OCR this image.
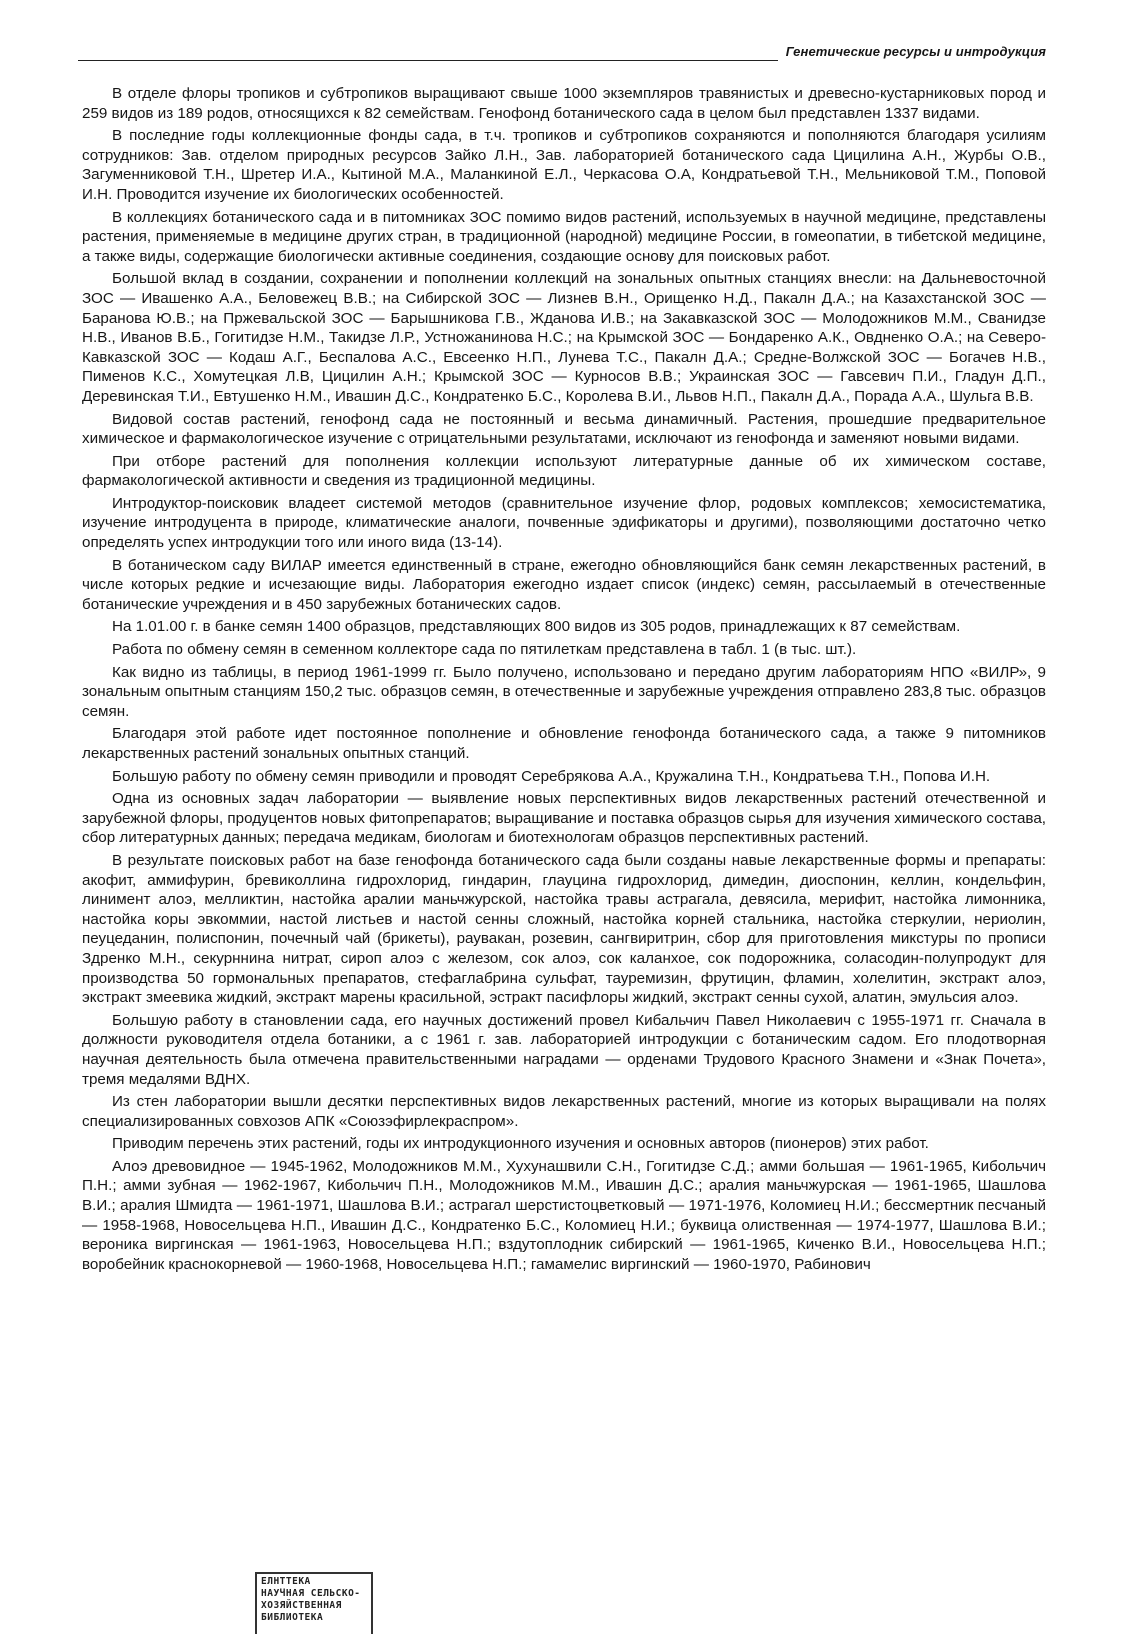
Генетические ресурсы и интродукция

В отделе флоры тропиков и субтропиков выращивают свыше 1000 экземпляров травянистых и древесно-кустарниковых пород и 259 видов из 189 родов, относящихся к 82 семействам. Генофонд ботанического сада в целом был представлен 1337 видами.

В последние годы коллекционные фонды сада, в т.ч. тропиков и субтропиков сохраняются и пополняются благодаря усилиям сотрудников: Зав. отделом природных ресурсов Зайко Л.Н., Зав. лабораторией ботанического сада Цицилина А.Н., Журбы О.В., Загуменниковой Т.Н., Шретер И.А., Кытиной М.А., Маланкиной Е.Л., Черкасова О.А, Кондратьевой Т.Н., Мельниковой Т.М., Поповой И.Н. Проводится изучение их биологических особенностей.

В коллекциях ботанического сада и в питомниках ЗОС помимо видов растений, используемых в научной медицине, представлены растения, применяемые в медицине других стран, в традиционной (народной) медицине России, в гомеопатии, в тибетской медицине, а также виды, содержащие биологически активные соединения, создающие основу для поисковых работ.

Большой вклад в создании, сохранении и пополнении коллекций на зональных опытных станциях внесли: на Дальневосточной ЗОС — Ивашенко А.А., Беловежец В.В.; на Сибирской ЗОС — Лизнев В.Н., Орищенко Н.Д., Пакалн Д.А.; на Казахстанской ЗОС — Баранова Ю.В.; на Пржевальской ЗОС — Барышникова Г.В., Жданова И.В.; на Закавказской ЗОС — Молодожников М.М., Сванидзе Н.В., Иванов В.Б., Гогитидзе Н.М., Такидзе Л.Р., Устножанинова Н.С.; на Крымской ЗОС — Бондаренко А.К., Овдненко О.А.; на Северо-Кавказской ЗОС — Кодаш А.Г., Беспалова А.С., Евсеенко Н.П., Лунева Т.С., Пакалн Д.А.; Средне-Волжской ЗОС — Богачев Н.В., Пименов К.С., Хомутецкая Л.В, Цицилин А.Н.; Крымской ЗОС — Курносов В.В.; Украинская ЗОС — Гавсевич П.И., Гладун Д.П., Деревинская Т.И., Евтушенко Н.М., Ивашин Д.С., Кондратенко Б.С., Королева В.И., Львов Н.П., Пакалн Д.А., Порада А.А., Шульга В.В.

Видовой состав растений, генофонд сада не постоянный и весьма динамичный. Растения, прошедшие предварительное химическое и фармакологическое изучение с отрицательными результатами, исключают из генофонда и заменяют новыми видами.

При отборе растений для пополнения коллекции используют литературные данные об их химическом составе, фармакологической активности и сведения из традиционной медицины.

Интродуктор-поисковик владеет системой методов (сравнительное изучение флор, родовых комплексов; хемосистематика, изучение интродуцента в природе, климатические аналоги, почвенные эдификаторы и другими), позволяющими достаточно четко определять успех интродукции того или иного вида (13-14).

В ботаническом саду ВИЛАР имеется единственный в стране, ежегодно обновляющийся банк семян лекарственных растений, в числе которых редкие и исчезающие виды. Лаборатория ежегодно издает список (индекс) семян, рассылаемый в отечественные ботанические учреждения и в 450 зарубежных ботанических садов.

На 1.01.00 г. в банке семян 1400 образцов, представляющих 800 видов из 305 родов, принадлежащих к 87 семействам.

Работа по обмену семян в семенном коллекторе сада по пятилеткам представлена в табл. 1 (в тыс. шт.).

Как видно из таблицы, в период 1961-1999 гг. Было получено, использовано и передано другим лабораториям НПО «ВИЛР», 9 зональным опытным станциям 150,2 тыс. образцов семян, в отечественные и зарубежные учреждения отправлено 283,8 тыс. образцов семян.

Благодаря этой работе идет постоянное пополнение и обновление генофонда ботанического сада, а также 9 питомников лекарственных растений зональных опытных станций.

Большую работу по обмену семян приводили и проводят Серебрякова А.А., Кружалина Т.Н., Кондратьева Т.Н., Попова И.Н.

Одна из основных задач лаборатории — выявление новых перспективных видов лекарственных растений отечественной и зарубежной флоры, продуцентов новых фитопрепаратов; выращивание и поставка образцов сырья для изучения химического состава, сбор литературных данных; передача медикам, биологам и биотехнологам образцов перспективных растений.

В результате поисковых работ на базе генофонда ботанического сада были созданы навые лекарственные формы и препараты: акофит, аммифурин, бревиколлина гидрохлорид, гиндарин, глауцина гидрохлорид, димедин, диоспонин, келлин, кондельфин, линимент алоэ, мелликтин, настойка аралии маньчжурской, настойка травы астрагала, девясила, мерифит, настойка лимонника, настойка коры эвкоммии, настой листьев и настой сенны сложный, настойка корней стальника, настойка стеркулии, нериолин, пеуцеданин, полиспонин, почечный чай (брикеты), раувакан, розевин, сангвиритрин, сбор для приготовления микстуры по прописи Здренко М.Н., секурннина нитрат, сироп алоэ с железом, сок алоэ, сок каланхое, сок подорожника, соласодин-полупродукт для производства 50 гормональных препаратов, стефаглабрина сульфат, тауремизин, фрутицин, фламин, холелитин, экстракт алоэ, экстракт змеевика жидкий, экстракт марены красильной, эстракт пасифлоры жидкий, экстракт сенны сухой, алатин, эмульсия алоэ.

Большую работу в становлении сада, его научных достижений провел Кибальчич Павел Николаевич с 1955-1971 гг. Сначала в должности руководителя отдела ботаники, а с 1961 г. зав. лабораторией интродукции с ботаническим садом. Его плодотворная научная деятельность была отмечена правительственными наградами — орденами Трудового Красного Знамени и «Знак Почета», тремя медалями ВДНХ.

Из стен лаборатории вышли десятки перспективных видов лекарственных растений, многие из которых выращивали на полях специализированных совхозов АПК «Союзэфирлекраспром».

Приводим перечень этих растений, годы их интродукционного изучения и основных авторов (пионеров) этих работ.

Алоэ древовидное — 1945-1962, Молодожников М.М., Хухунашвили С.Н., Гогитидзе С.Д.; амми большая — 1961-1965, Кибольчич П.Н.; амми зубная — 1962-1967, Кибольчич П.Н., Молодожников М.М., Ивашин Д.С.; аралия маньчжурская — 1961-1965, Шашлова В.И.; аралия Шмидта — 1961-1971, Шашлова В.И.; астрагал шерстистоцветковый — 1971-1976, Коломиец Н.И.; бессмертник песчаный — 1958-1968, Новосельцева Н.П., Ивашин Д.С., Кондратенко Б.С., Коломиец Н.И.; буквица олиственная — 1974-1977, Шашлова В.И.; вероника виргинская — 1961-1963, Новосельцева Н.П.; вздутоплодник сибирский — 1961-1965, Киченко В.И., Новосельцева Н.П.; воробейник краснокорневой — 1960-1968, Новосельцева Н.П.; гамамелис виргинский — 1960-1970, Рабинович

ЕЛНТТЕКА
НАУЧНАЯ СЕЛЬСКО-
ХОЗЯЙСТВЕННАЯ
БИБЛИОТЕКА
